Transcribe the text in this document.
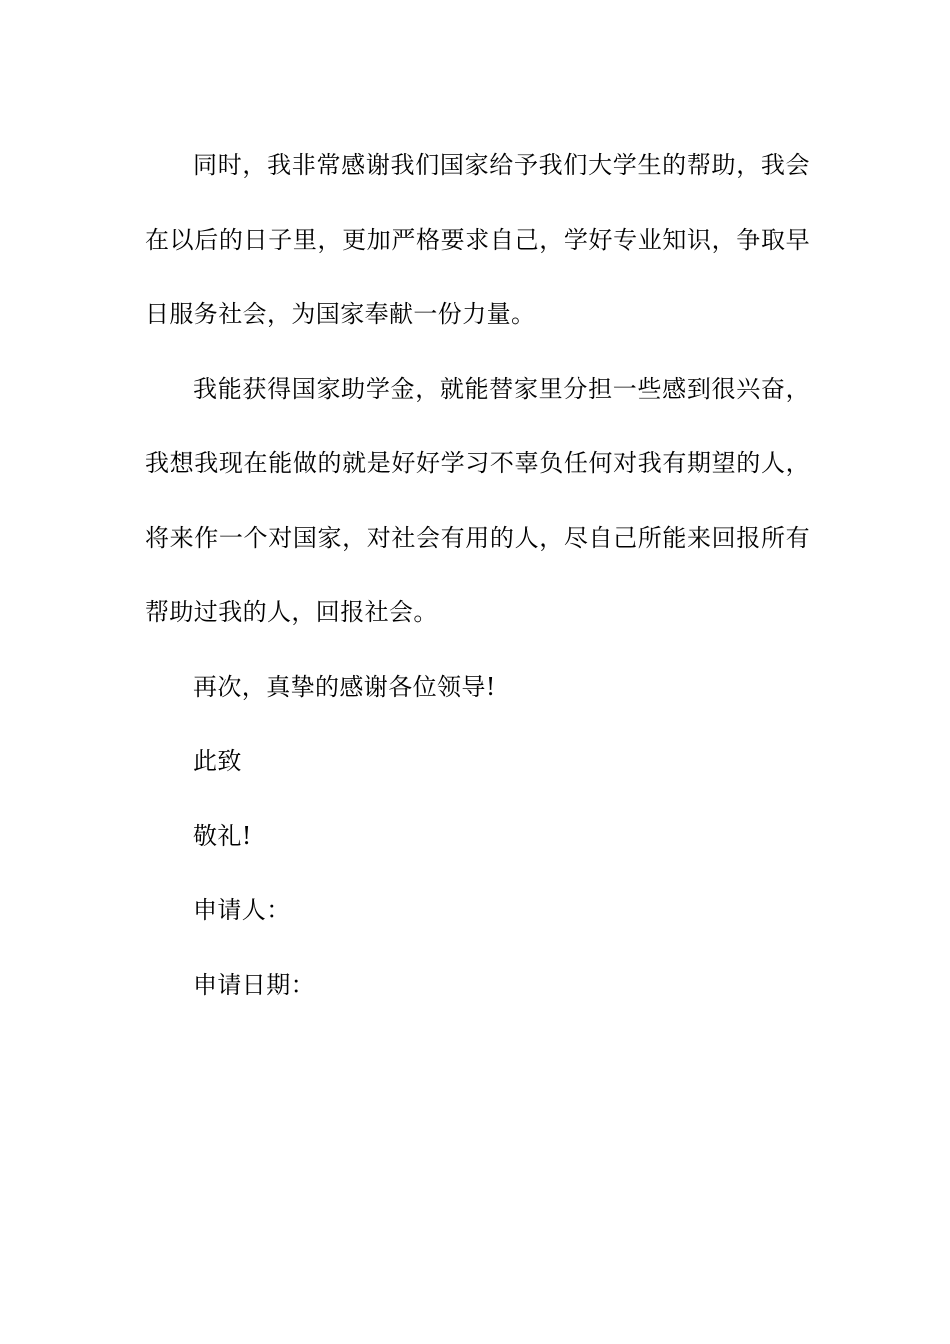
同时，我非常感谢我们国家给予我们大学生的帮助，我会在以后的日子里，更加严格要求自己，学好专业知识，争取早日服务社会，为国家奉献一份力量。

我能获得国家助学金，就能替家里分担一些感到很兴奋，我想我现在能做的就是好好学习不辜负任何对我有期望的人，将来作一个对国家，对社会有用的人，尽自己所能来回报所有帮助过我的人，回报社会。

再次，真挚的感谢各位领导!

此致

敬礼!

申请人：

申请日期：
